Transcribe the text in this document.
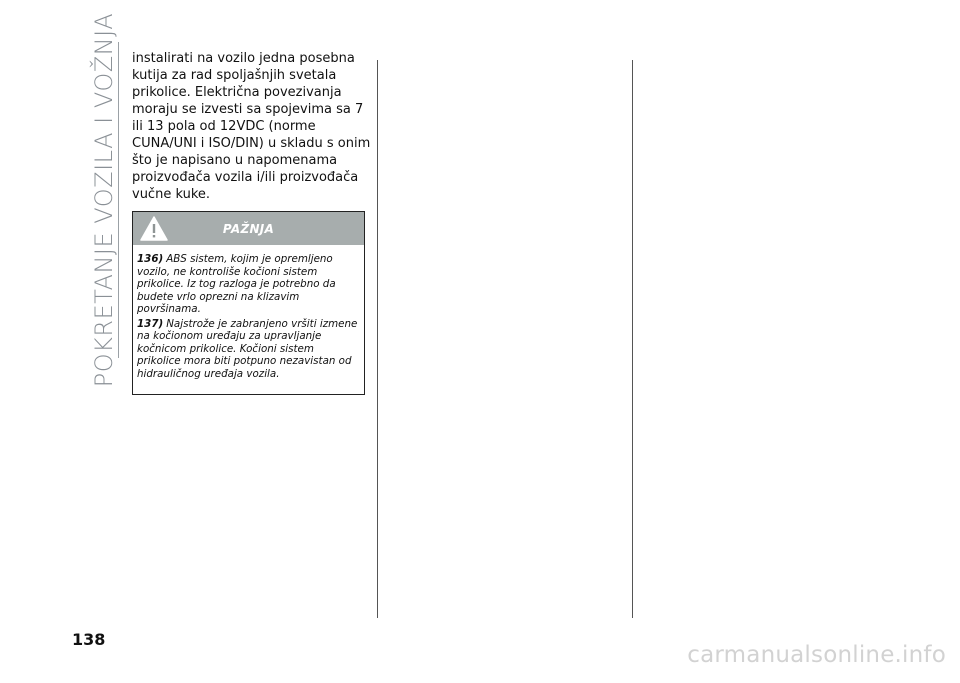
POKRETANJE VOZILA I VOŽNJA instalirati na vozilo jedna posebna kutija za rad spoljašnjih svetala prikolice. Električna povezivanja moraju se izvesti sa spojevima sa 7 ili 13 pola od 12VDC (norme CUNA/UNI i ISO/DIN) u skladu s onim što je napisano u napomenama proizvođača vozila i/ili proizvođača vučne kuke.

PAŽNJA

136) ABS sistem, kojim je opremljeno vozilo, ne kontroliše kočioni sistem prikolice. Iz tog razloga je potrebno da budete vrlo oprezni na klizavim površinama.

137) Najstrože je zabranjeno vršiti izmene na kočionom uređaju za upravljanje kočnicom prikolice. Kočioni sistem prikolice mora biti potpuno nezavistan od hidrauličnog uređaja vozila.

138
carmanualsonline.info
